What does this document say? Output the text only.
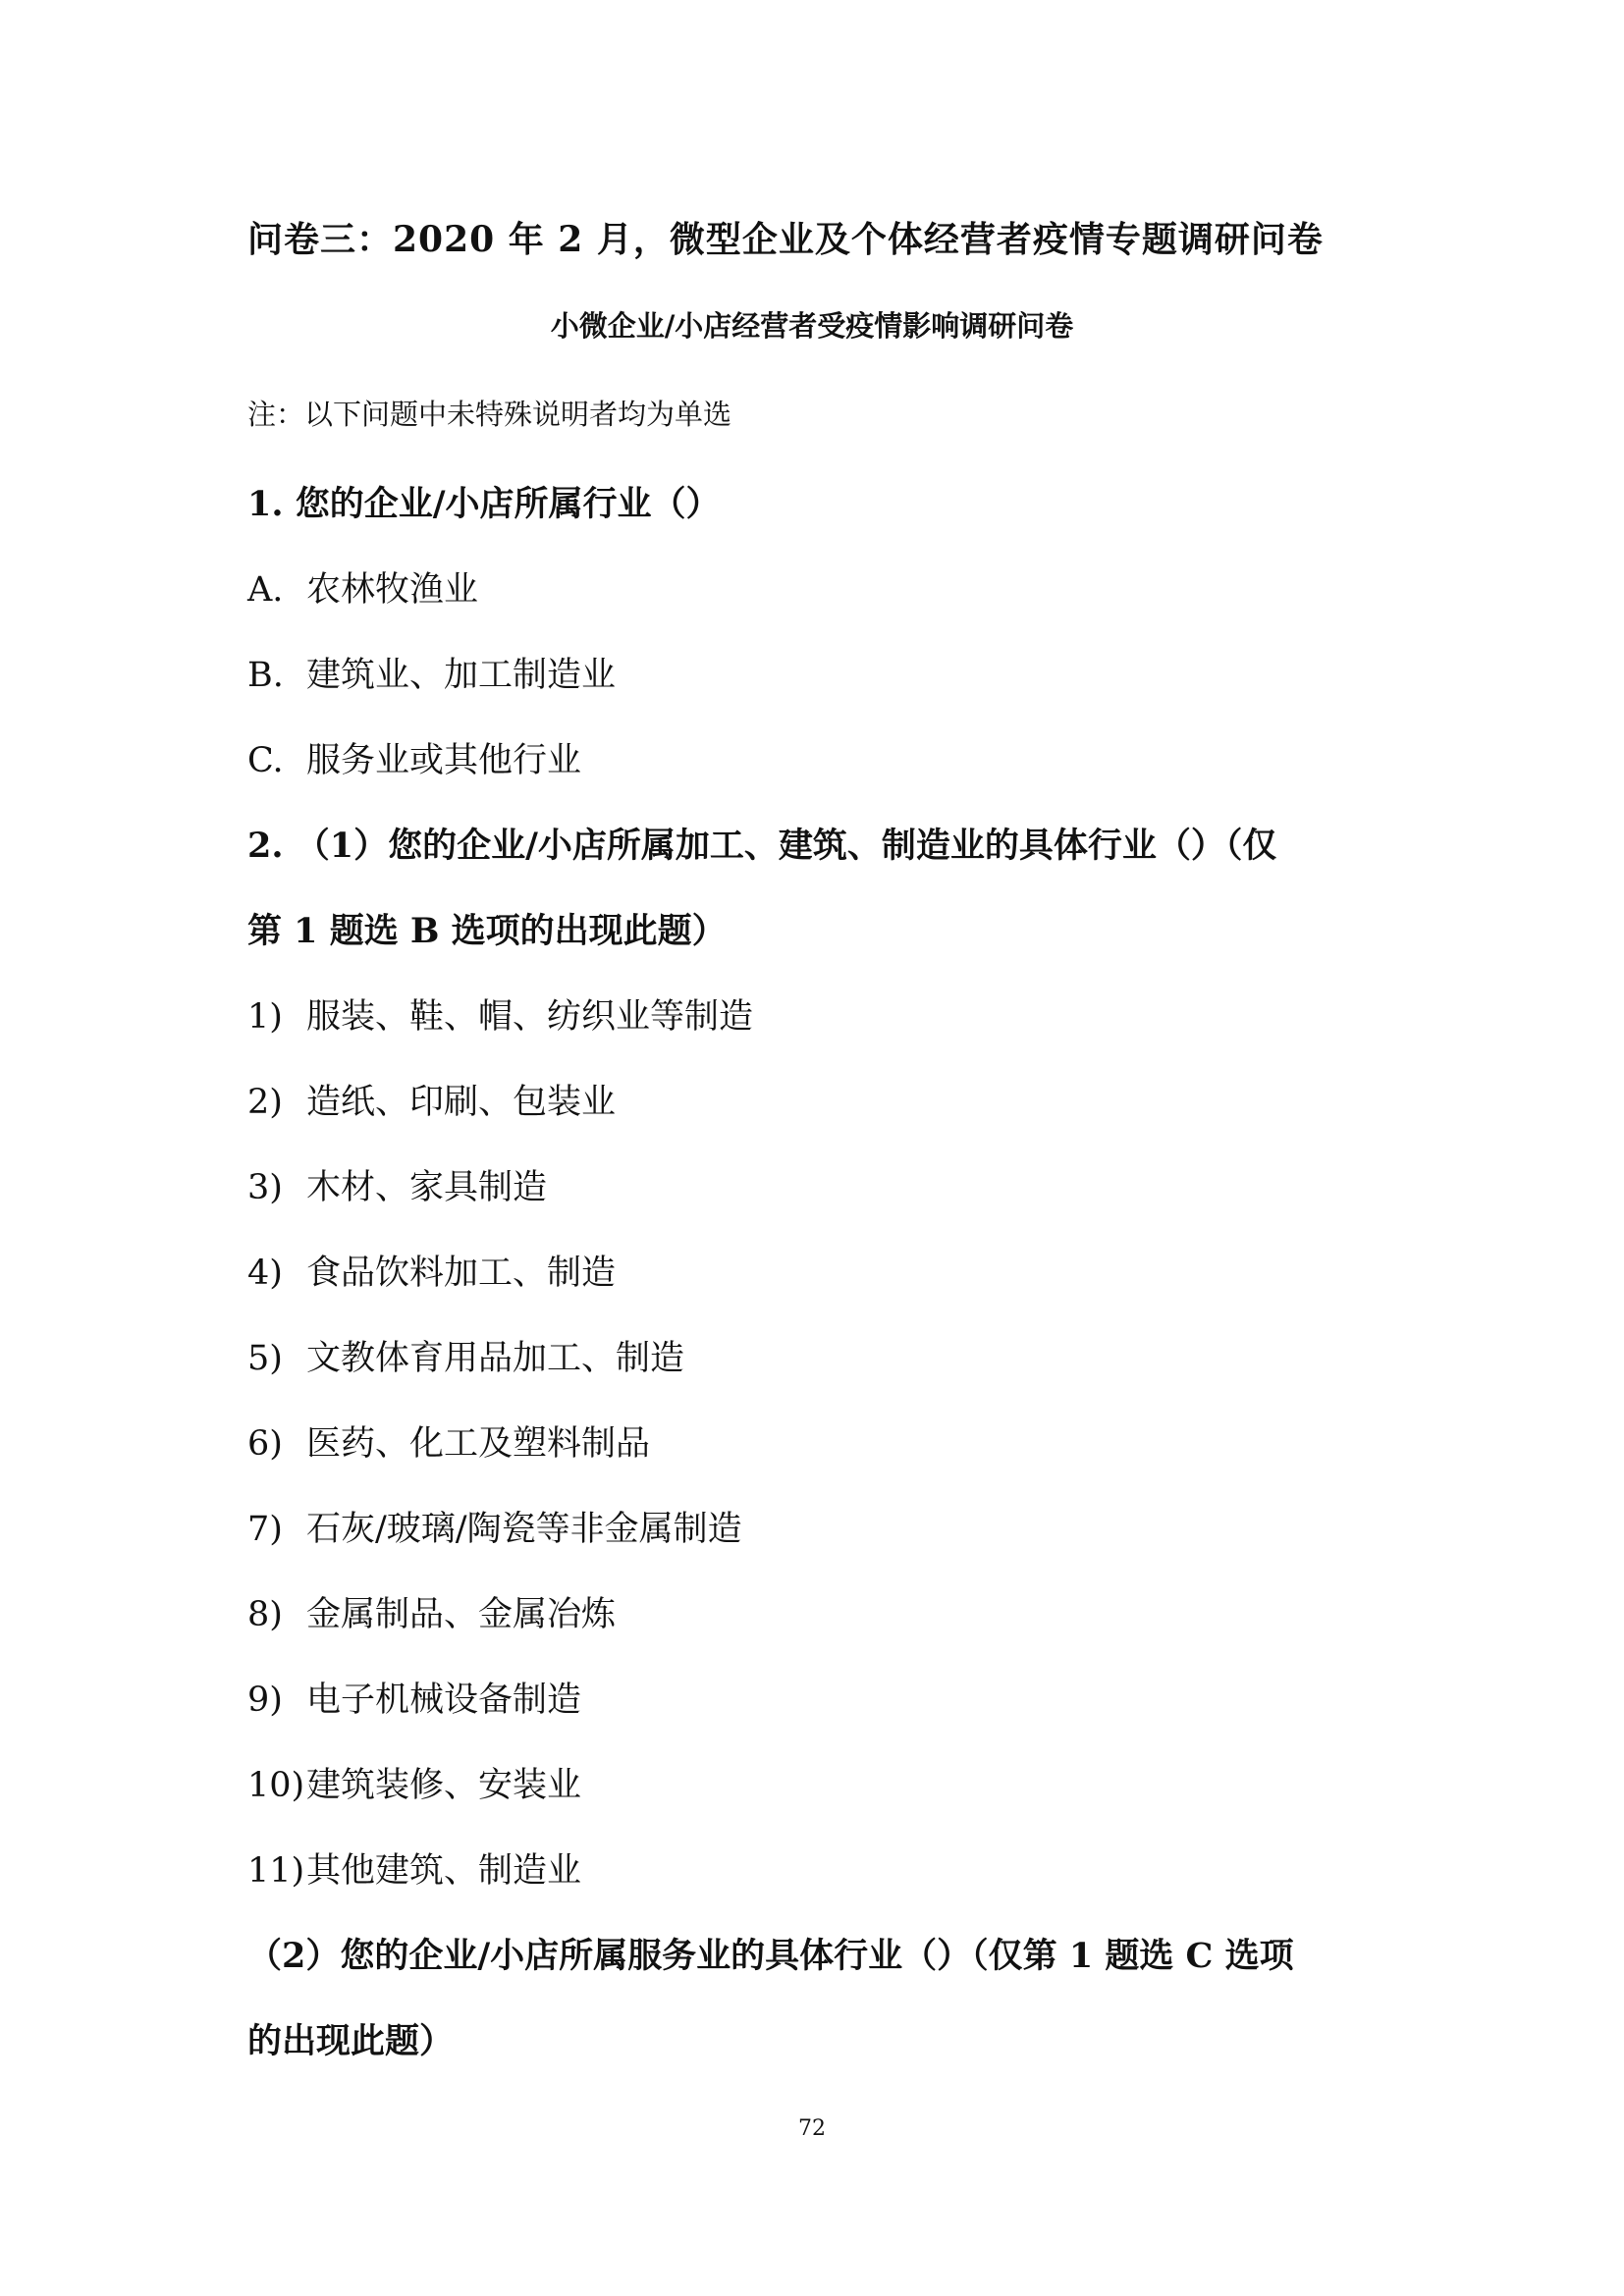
问卷三：2020 年 2 月，微型企业及个体经营者疫情专题调研问卷
小微企业/小店经营者受疫情影响调研问卷
注：以下问题中未特殊说明者均为单选
1. 您的企业/小店所属行业（）
A. 农林牧渔业
B. 建筑业、加工制造业
C. 服务业或其他行业
2. （1）您的企业/小店所属加工、建筑、制造业的具体行业（）（仅
第 1 题选 B 选项的出现此题）
1) 服装、鞋、帽、纺织业等制造
2) 造纸、印刷、包装业
3) 木材、家具制造
4) 食品饮料加工、制造
5) 文教体育用品加工、制造
6) 医药、化工及塑料制品
7) 石灰/玻璃/陶瓷等非金属制造
8) 金属制品、金属冶炼
9) 电子机械设备制造
10)建筑装修、安装业
11)其他建筑、制造业
（2）您的企业/小店所属服务业的具体行业（）（仅第 1 题选 C 选项
的出现此题）
72
